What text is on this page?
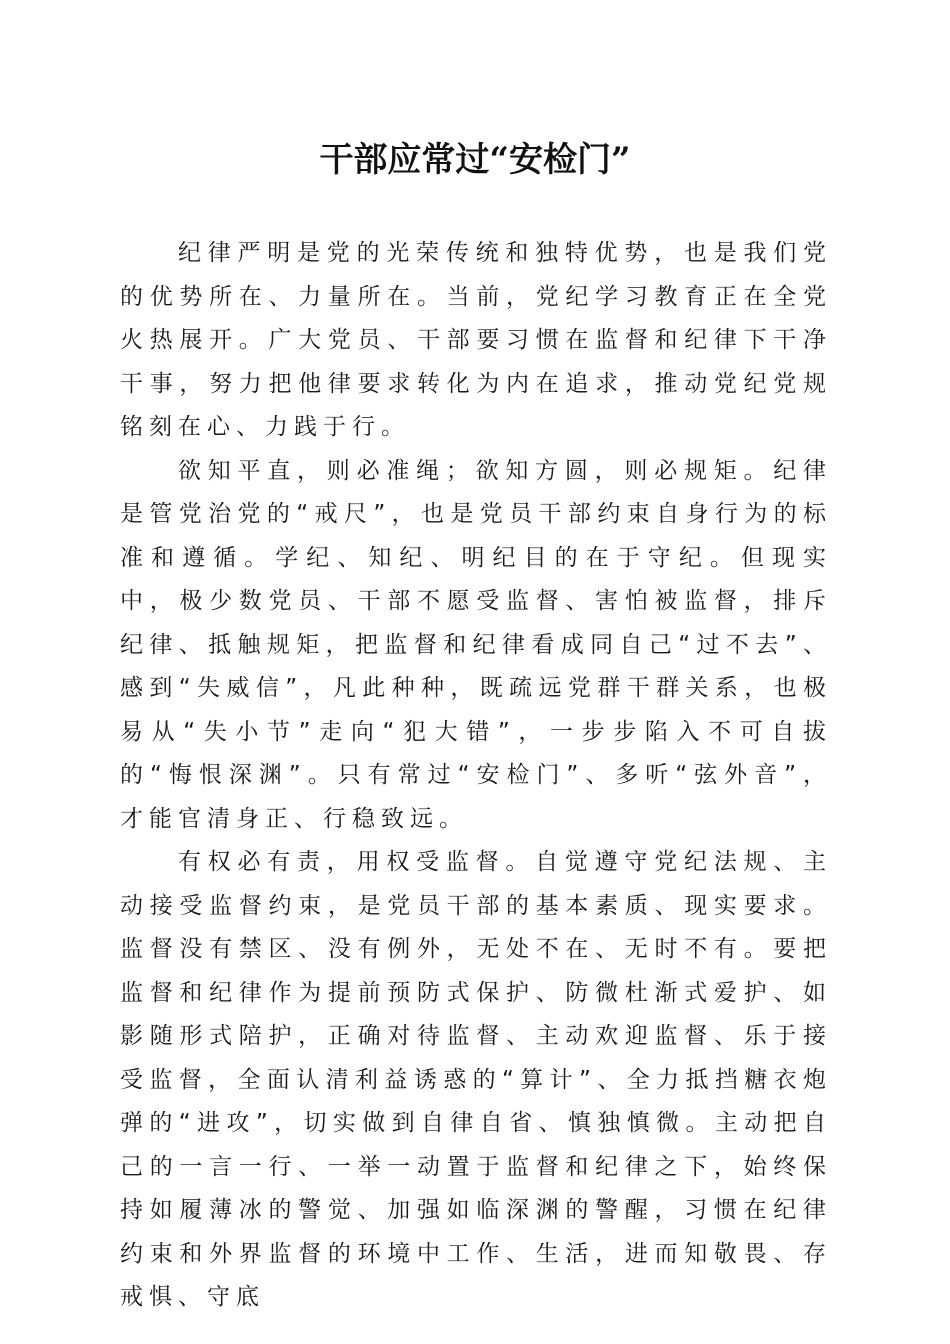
干部应常过“安检门”

纪律严明是党的光荣传统和独特优势，也是我们党的优势所在、力量所在。当前，党纪学习教育正在全党火热展开。广大党员、干部要习惯在监督和纪律下干净干事，努力把他律要求转化为内在追求，推动党纪党规铭刻在心、力践于行。

欲知平直，则必准绳；欲知方圆，则必规矩。纪律是管党治党的“戒尺”，也是党员干部约束自身行为的标准和遵循。学纪、知纪、明纪目的在于守纪。但现实中，极少数党员、干部不愿受监督、害怕被监督，排斥纪律、抵触规矩，把监督和纪律看成同自己“过不去”、感到“失威信”，凡此种种，既疏远党群干群关系，也极易从“失小节”走向“犯大错”，一步步陷入不可自拔的“悔恨深渊”。只有常过“安检门”、多听“弦外音”，才能官清身正、行稳致远。

有权必有责，用权受监督。自觉遵守党纪法规、主动接受监督约束，是党员干部的基本素质、现实要求。监督没有禁区、没有例外，无处不在、无时不有。要把监督和纪律作为提前预防式保护、防微杜渐式爱护、如影随形式陪护，正确对待监督、主动欢迎监督、乐于接受监督，全面认清利益诱惑的“算计”、全力抵挡糖衣炮弹的“进攻”，切实做到自律自省、慎独慎微。主动把自己的一言一行、一举一动置于监督和纪律之下，始终保持如履薄冰的警觉、加强如临深渊的警醒，习惯在纪律约束和外界监督的环境中工作、生活，进而知敬畏、存戒惧、守底
